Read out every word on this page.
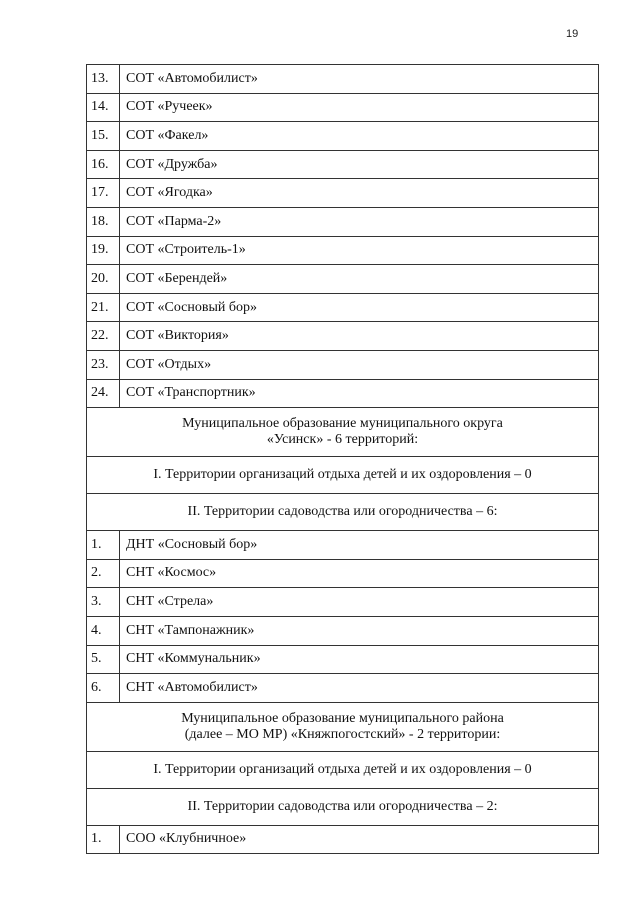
19
13.	СОТ «Автомобилист»
14.	СОТ «Ручеек»
15.	СОТ «Факел»
16.	СОТ «Дружба»
17.	СОТ «Ягодка»
18.	СОТ «Парма-2»
19.	СОТ «Строитель-1»
20.	СОТ «Берендей»
21.	СОТ «Сосновый бор»
22.	СОТ «Виктория»
23.	СОТ «Отдых»
24.	СОТ «Транспортник»
Муниципальное образование муниципального округа
«Усинск» - 6 территорий:	
I. Территории организаций отдыха детей и их оздоровления – 0	
II. Территории садоводства или огородничества – 6:	
1.	ДНТ «Сосновый бор»
2.	СНТ «Космос»
3.	СНТ «Стрела»
4.	СНТ «Тампонажник»
5.	СНТ «Коммунальник»
6.	СНТ «Автомобилист»
Муниципальное образование муниципального района
(далее – МО МР) «Княжпогостский» - 2 территории:	
I. Территории организаций отдыха детей и их оздоровления – 0	
II. Территории садоводства или огородничества – 2:	
1.	СОО «Клубничное»
